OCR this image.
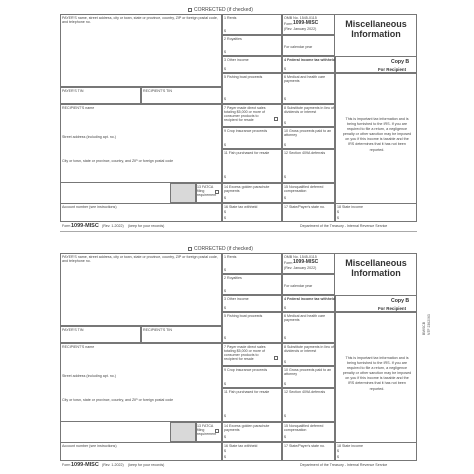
CORRECTED (if checked)
PAYER'S name, street address, city or town, state or province, country, ZIP or foreign postal code, and telephone no.
1 Rents
$
OMB No. 1545-0115
Form 1099-MISC
(Rev. January 2022)
2 Royalties
$
For calendar year
Miscellaneous
Information
3 Other income
$
4 Federal income tax withheld
$
Copy B
For Recipient
PAYER'S TIN	RECIPIENT'S TIN
5 Fishing boat proceeds
$
6 Medical and health care payments
$
RECIPIENT'S name
Street address (including apt. no.)
City or town, state or province, country, and ZIP or foreign postal code
7 Payer made direct sales totaling $5,000 or more of consumer products to recipient for resale
8 Substitute payments in lieu of dividends or interest
$
9 Crop insurance proceeds
$
10 Gross proceeds paid to an attorney
$
11 Fish purchased for resale
$
12 Section 409A deferrals
$
This is important tax information and is being furnished to the IRS. If you are required to file a return, a negligence penalty or other sanction may be imposed on you if this income is taxable and the IRS determines that it has not been reported.
13 FATCA filing requirement
14 Excess golden parachute payments
$
15 Nonqualified deferred compensation
$
Account number (see instructions)	16 State tax withheld
$
$
17 State/Payer's state no.	18 State income
$
$
Form 1099-MISC (Rev. 1-2022) (keep for your records)	Department of the Treasury - Internal Revenue Service
CORRECTED (if checked)
PAYER'S name, street address, city or town, state or province, country, ZIP or foreign postal code, and telephone no.
1 Rents
$
OMB No. 1545-0115
Form 1099-MISC
(Rev. January 2022)
2 Royalties
$
For calendar year
Miscellaneous
Information
3 Other income
$
4 Federal income tax withheld
$
Copy B
For Recipient
PAYER'S TIN	RECIPIENT'S TIN
5 Fishing boat proceeds
$
6 Medical and health care payments
$
RECIPIENT'S name
Street address (including apt. no.)
City or town, state or province, country, and ZIP or foreign postal code
7 Payer made direct sales totaling $5,000 or more of consumer products to recipient for resale
8 Substitute payments in lieu of dividends or interest
$
9 Crop insurance proceeds
$
10 Gross proceeds paid to an attorney
$
11 Fish purchased for resale
$
12 Section 409A deferrals
$
This is important tax information and is being furnished to the IRS. If you are required to file a return, a negligence penalty or other sanction may be imposed on you if this income is taxable and the IRS determines that it has not been reported.
13 FATCA filing requirement
14 Excess golden parachute payments
$
15 Nonqualified deferred compensation
$
Account number (see instructions)	16 State tax withheld
$
$
17 State/Payer's state no.	18 State income
$
$
Form 1099-MISC (Rev. 1-2022) (keep for your records)	Department of the Treasury - Internal Revenue Service
BMISCB NTF 2362063
